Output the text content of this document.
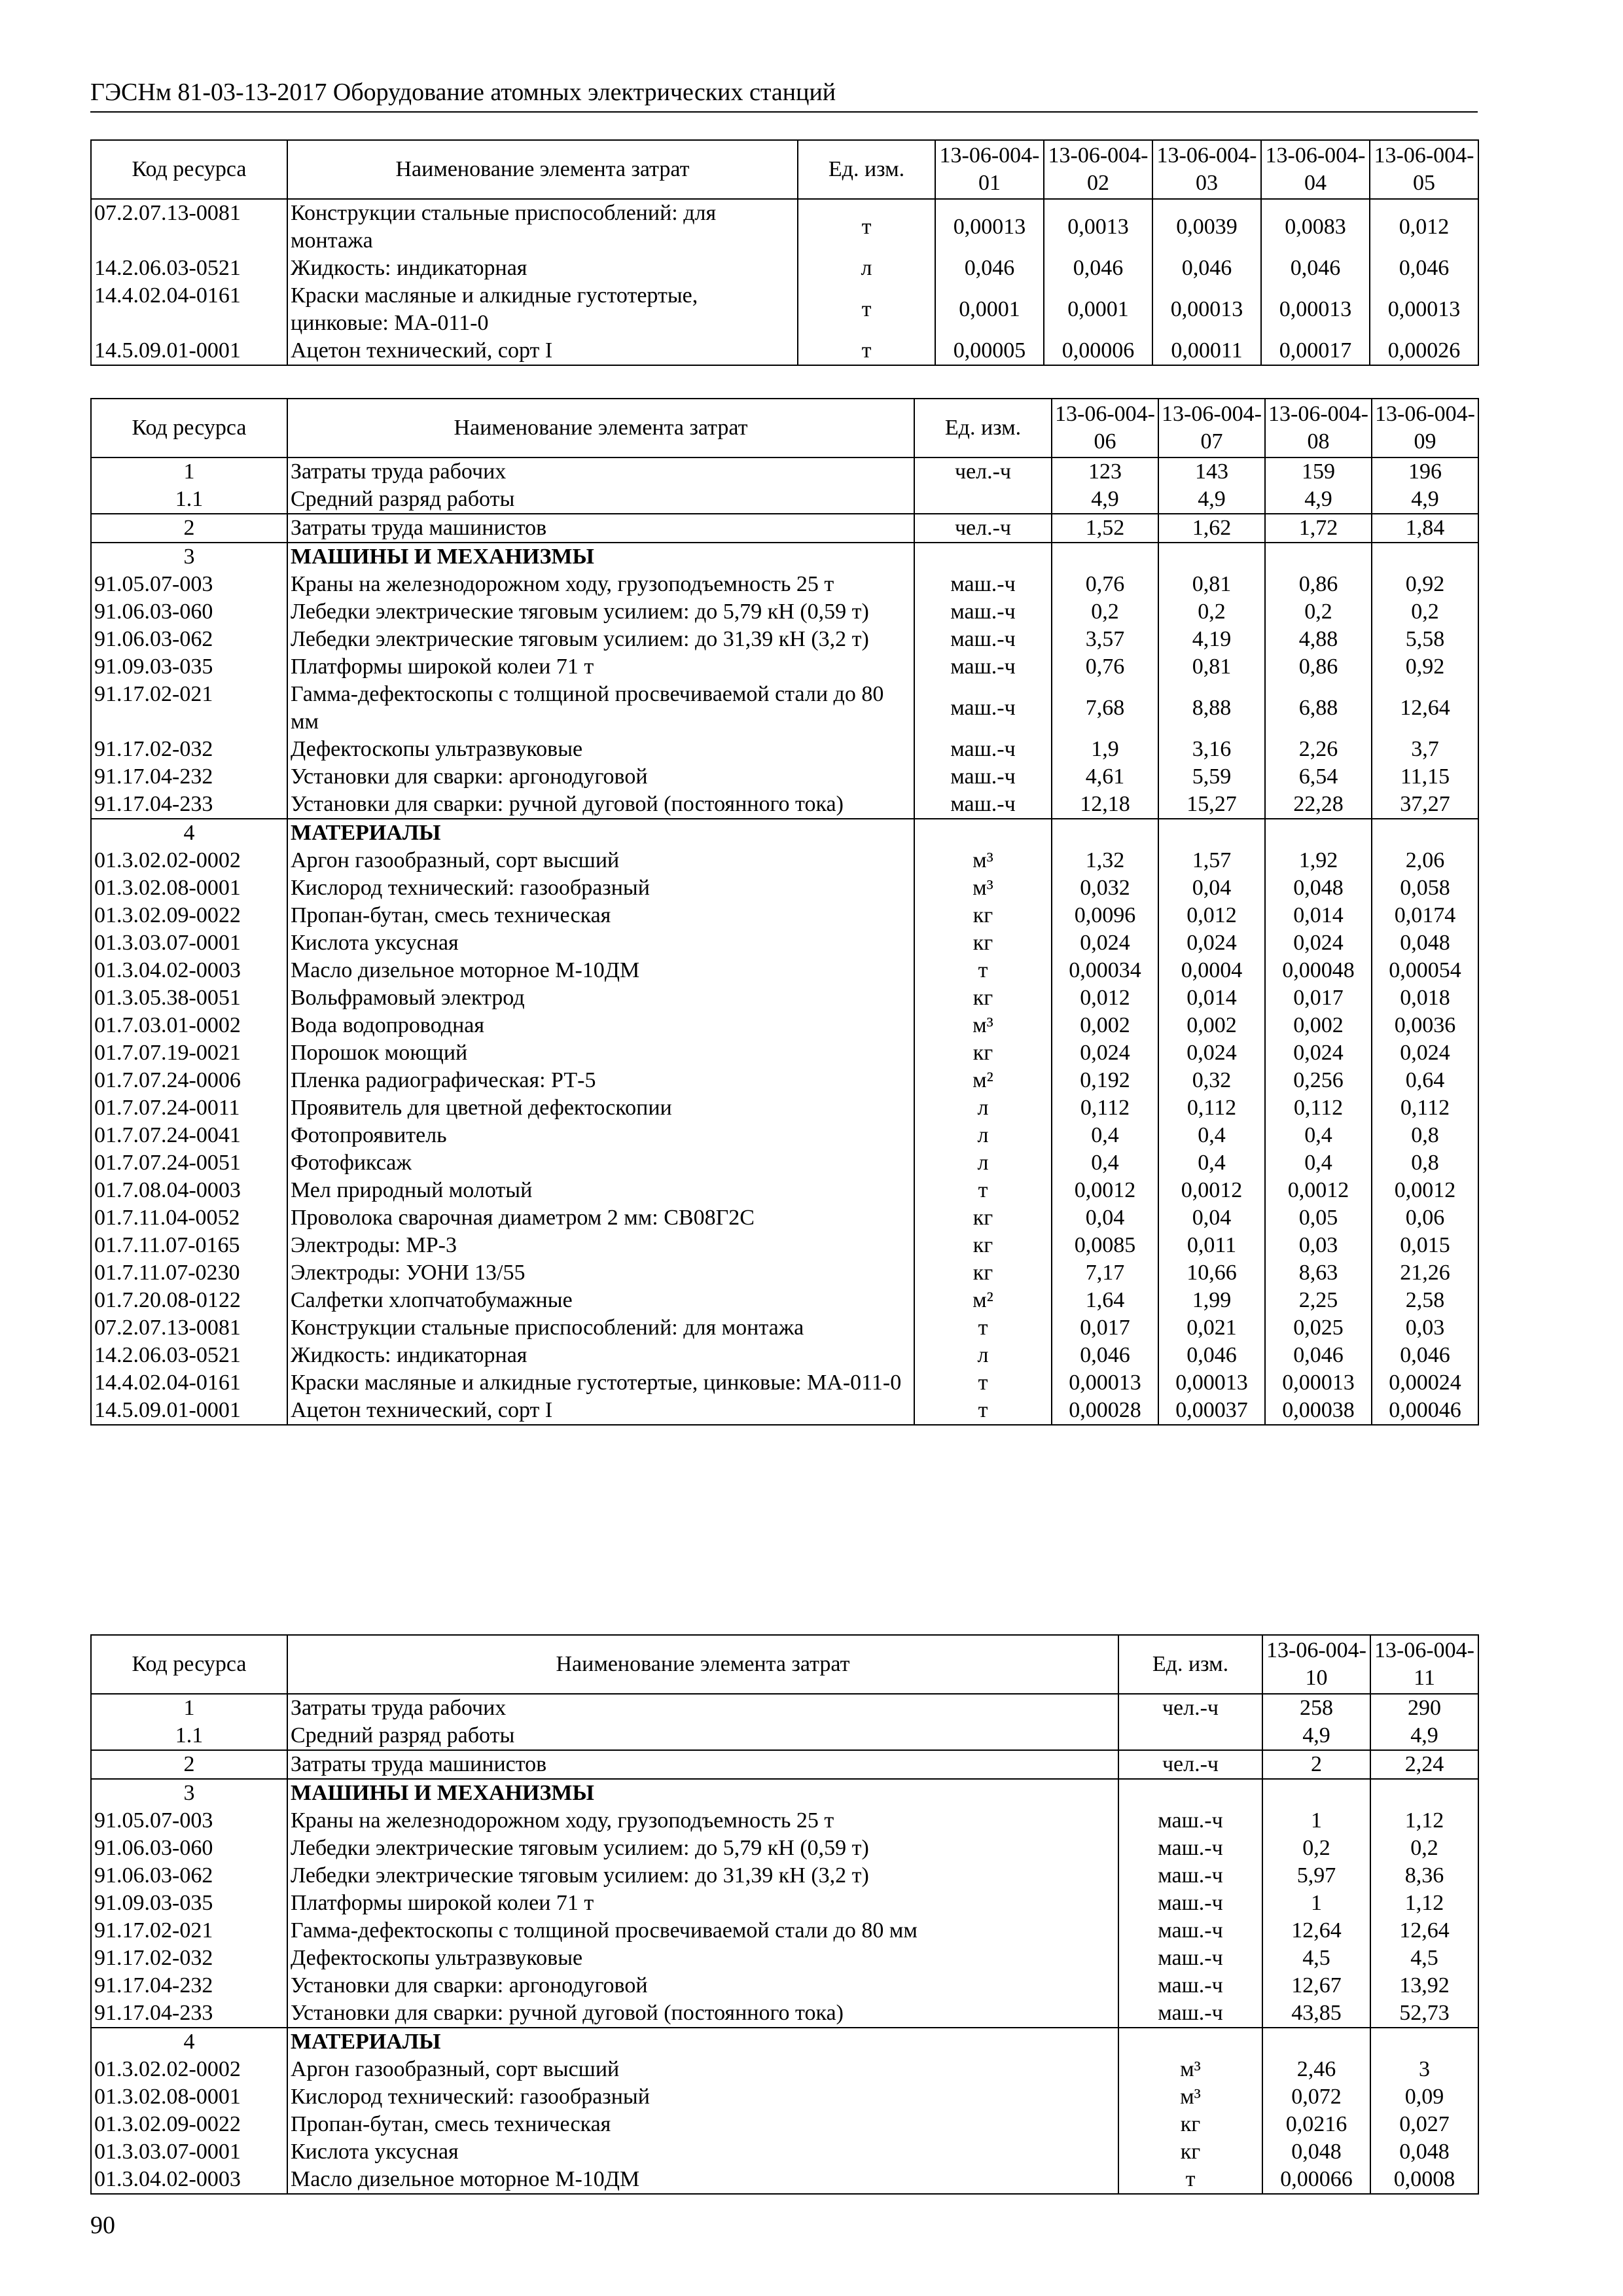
ГЭСНм 81-03-13-2017 Оборудование атомных электрических станций
Код ресурса	Наименование элемента затрат	Ед. изм.	13-06-004-01	13-06-004-02	13-06-004-03	13-06-004-04	13-06-004-05
07.2.07.13-0081	Конструкции стальные приспособлений: для монтажа	т	0,00013	0,0013	0,0039	0,0083	0,012
14.2.06.03-0521	Жидкость: индикаторная	л	0,046	0,046	0,046	0,046	0,046
14.4.02.04-0161	Краски масляные и алкидные густотертые, цинковые: МА-011-0	т	0,0001	0,0001	0,00013	0,00013	0,00013
14.5.09.01-0001	Ацетон технический, сорт I	т	0,00005	0,00006	0,00011	0,00017	0,00026
Код ресурса	Наименование элемента затрат	Ед. изм.	13-06-004-06	13-06-004-07	13-06-004-08	13-06-004-09
1	Затраты труда рабочих	чел.-ч	123	143	159	196
1.1	Средний разряд работы		4,9	4,9	4,9	4,9
2	Затраты труда машинистов	чел.-ч	1,52	1,62	1,72	1,84
3	МАШИНЫ И МЕХАНИЗМЫ					
91.05.07-003	Краны на железнодорожном ходу, грузоподъемность 25 т	маш.-ч	0,76	0,81	0,86	0,92
91.06.03-060	Лебедки электрические тяговым усилием: до 5,79 кН (0,59 т)	маш.-ч	0,2	0,2	0,2	0,2
91.06.03-062	Лебедки электрические тяговым усилием: до 31,39 кН (3,2 т)	маш.-ч	3,57	4,19	4,88	5,58
91.09.03-035	Платформы широкой колеи 71 т	маш.-ч	0,76	0,81	0,86	0,92
91.17.02-021	Гамма-дефектоскопы с толщиной просвечиваемой стали до 80 мм	маш.-ч	7,68	8,88	6,88	12,64
91.17.02-032	Дефектоскопы ультразвуковые	маш.-ч	1,9	3,16	2,26	3,7
91.17.04-232	Установки для сварки: аргонодуговой	маш.-ч	4,61	5,59	6,54	11,15
91.17.04-233	Установки для сварки: ручной дуговой (постоянного тока)	маш.-ч	12,18	15,27	22,28	37,27
4	МАТЕРИАЛЫ					
01.3.02.02-0002	Аргон газообразный, сорт высший	м³	1,32	1,57	1,92	2,06
01.3.02.08-0001	Кислород технический: газообразный	м³	0,032	0,04	0,048	0,058
01.3.02.09-0022	Пропан-бутан, смесь техническая	кг	0,0096	0,012	0,014	0,0174
01.3.03.07-0001	Кислота уксусная	кг	0,024	0,024	0,024	0,048
01.3.04.02-0003	Масло дизельное моторное М-10ДМ	т	0,00034	0,0004	0,00048	0,00054
01.3.05.38-0051	Вольфрамовый электрод	кг	0,012	0,014	0,017	0,018
01.7.03.01-0002	Вода водопроводная	м³	0,002	0,002	0,002	0,0036
01.7.07.19-0021	Порошок моющий	кг	0,024	0,024	0,024	0,024
01.7.07.24-0006	Пленка радиографическая: РТ-5	м²	0,192	0,32	0,256	0,64
01.7.07.24-0011	Проявитель для цветной дефектоскопии	л	0,112	0,112	0,112	0,112
01.7.07.24-0041	Фотопроявитель	л	0,4	0,4	0,4	0,8
01.7.07.24-0051	Фотофиксаж	л	0,4	0,4	0,4	0,8
01.7.08.04-0003	Мел природный молотый	т	0,0012	0,0012	0,0012	0,0012
01.7.11.04-0052	Проволока сварочная диаметром 2 мм: СВ08Г2С	кг	0,04	0,04	0,05	0,06
01.7.11.07-0165	Электроды: МР-3	кг	0,0085	0,011	0,03	0,015
01.7.11.07-0230	Электроды: УОНИ 13/55	кг	7,17	10,66	8,63	21,26
01.7.20.08-0122	Салфетки хлопчатобумажные	м²	1,64	1,99	2,25	2,58
07.2.07.13-0081	Конструкции стальные приспособлений: для монтажа	т	0,017	0,021	0,025	0,03
14.2.06.03-0521	Жидкость: индикаторная	л	0,046	0,046	0,046	0,046
14.4.02.04-0161	Краски масляные и алкидные густотертые, цинковые: МА-011-0	т	0,00013	0,00013	0,00013	0,00024
14.5.09.01-0001	Ацетон технический, сорт I	т	0,00028	0,00037	0,00038	0,00046
Код ресурса	Наименование элемента затрат	Ед. изм.	13-06-004-10	13-06-004-11
1	Затраты труда рабочих	чел.-ч	258	290
1.1	Средний разряд работы		4,9	4,9
2	Затраты труда машинистов	чел.-ч	2	2,24
3	МАШИНЫ И МЕХАНИЗМЫ			
91.05.07-003	Краны на железнодорожном ходу, грузоподъемность 25 т	маш.-ч	1	1,12
91.06.03-060	Лебедки электрические тяговым усилием: до 5,79 кН (0,59 т)	маш.-ч	0,2	0,2
91.06.03-062	Лебедки электрические тяговым усилием: до 31,39 кН (3,2 т)	маш.-ч	5,97	8,36
91.09.03-035	Платформы широкой колеи 71 т	маш.-ч	1	1,12
91.17.02-021	Гамма-дефектоскопы с толщиной просвечиваемой стали до 80 мм	маш.-ч	12,64	12,64
91.17.02-032	Дефектоскопы ультразвуковые	маш.-ч	4,5	4,5
91.17.04-232	Установки для сварки: аргонодуговой	маш.-ч	12,67	13,92
91.17.04-233	Установки для сварки: ручной дуговой (постоянного тока)	маш.-ч	43,85	52,73
4	МАТЕРИАЛЫ			
01.3.02.02-0002	Аргон газообразный, сорт высший	м³	2,46	3
01.3.02.08-0001	Кислород технический: газообразный	м³	0,072	0,09
01.3.02.09-0022	Пропан-бутан, смесь техническая	кг	0,0216	0,027
01.3.03.07-0001	Кислота уксусная	кг	0,048	0,048
01.3.04.02-0003	Масло дизельное моторное М-10ДМ	т	0,00066	0,0008
90
